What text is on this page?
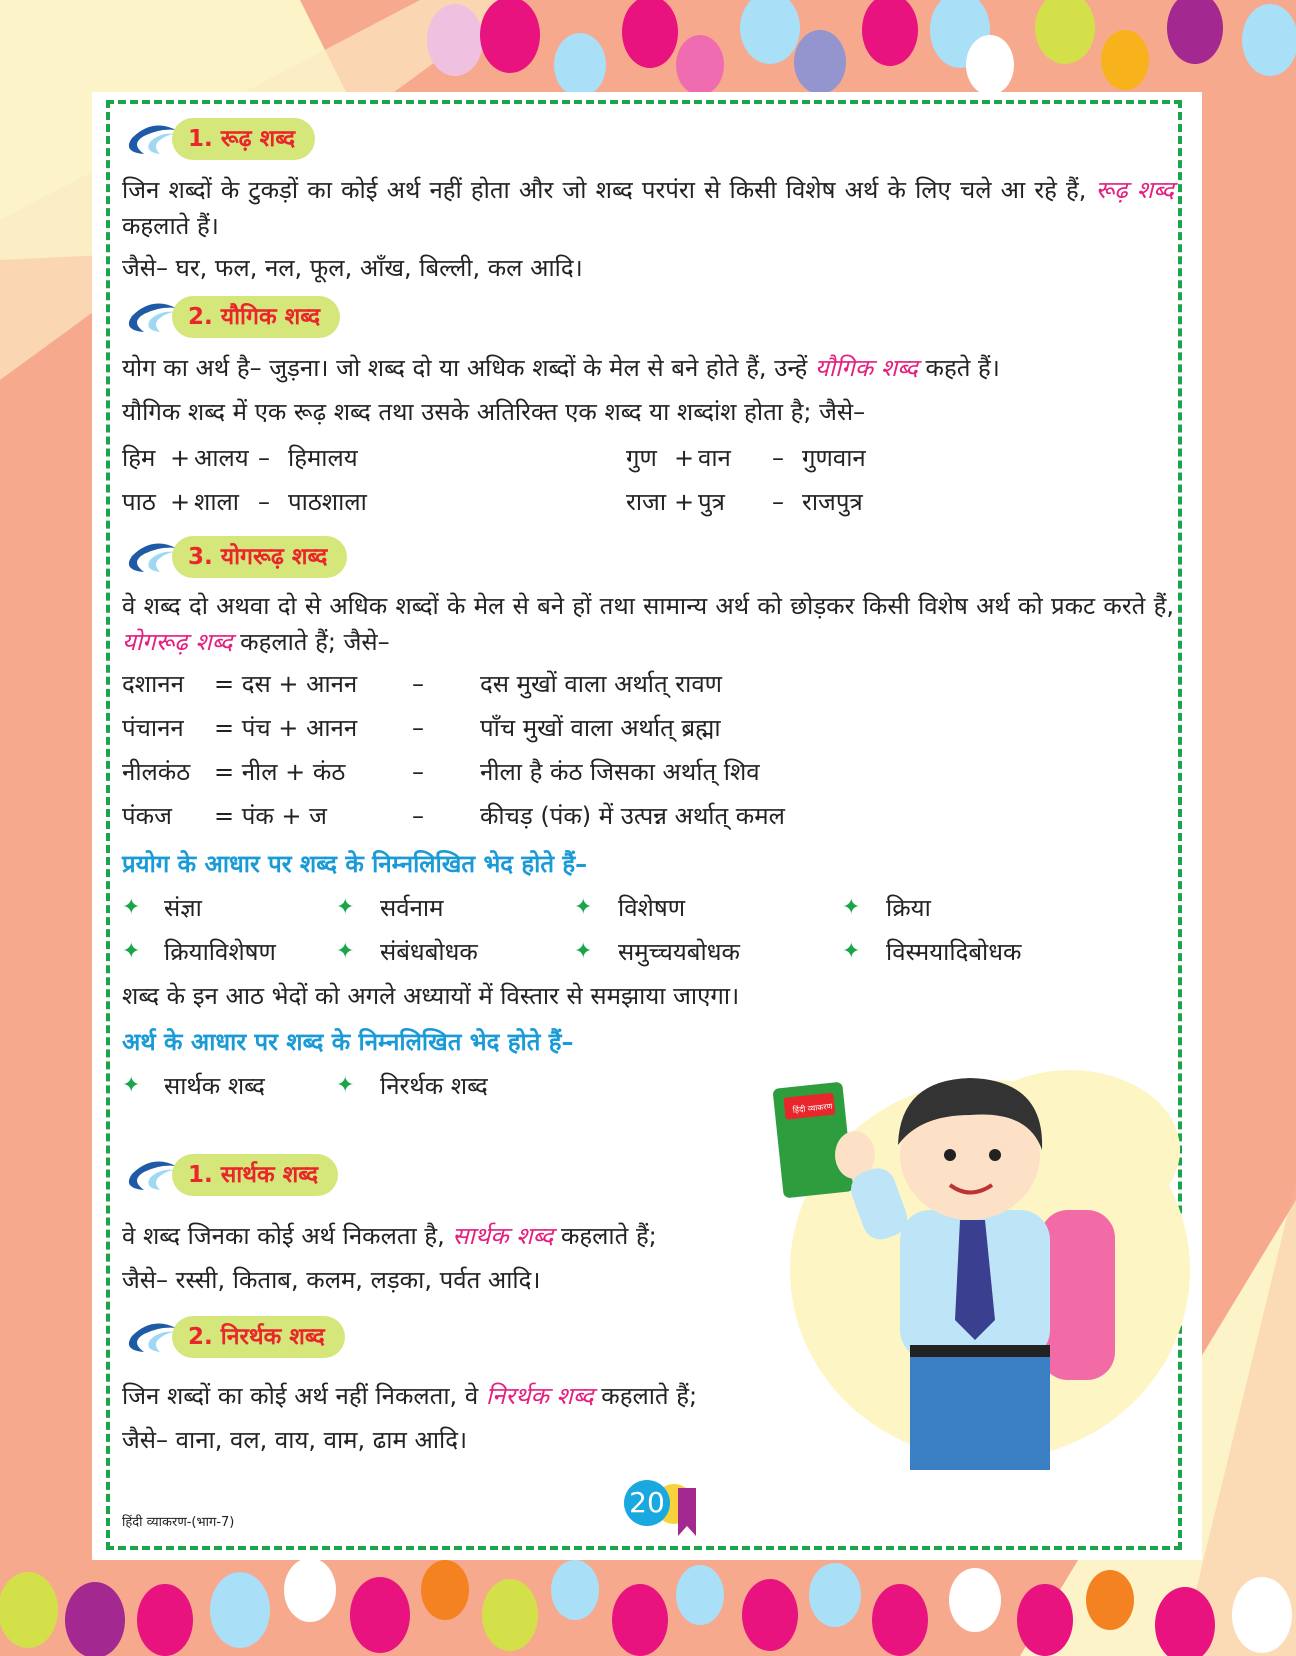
हिंदी व्याकरण
1. रूढ़ शब्द
जिन शब्दों के टुकड़ों का कोई अर्थ नहीं होता और जो शब्द परपंरा से किसी विशेष अर्थ के लिए चले आ रहे हैं, रूढ़ शब्द कहलाते हैं।
जैसे– घर, फल, नल, फूल, आँख, बिल्ली, कल आदि।
2. यौगिक शब्द
योग का अर्थ है– जुड़ना। जो शब्द दो या अधिक शब्दों के मेल से बने होते हैं, उन्हें यौगिक शब्द कहते हैं।
यौगिक शब्द में एक रूढ़ शब्द तथा उसके अतिरिक्त एक शब्द या शब्दांश होता है; जैसे–
हिम + आलय – हिमालय	गुण + वान – गुणवान
पाठ + शाला – पाठशाला	राजा + पुत्र – राजपुत्र
3. योगरूढ़ शब्द
वे शब्द दो अथवा दो से अधिक शब्दों के मेल से बने हों तथा सामान्य अर्थ को छोड़कर किसी विशेष अर्थ को प्रकट करते हैं, योगरूढ़ शब्द कहलाते हैं; जैसे–
दशानन = दस + आनन – दस मुखों वाला अर्थात् रावण
पंचानन = पंच + आनन – पाँच मुखों वाला अर्थात् ब्रह्मा
नीलकंठ = नील + कंठ	– नीला है कंठ जिसका अर्थात् शिव
पंकज = पंक + ज	– कीचड़ (पंक) में उत्पन्न अर्थात् कमल
प्रयोग के आधार पर शब्द के निम्नलिखित भेद होते हैं–
✦ संज्ञा	✦ सर्वनाम	✦ विशेषण	✦ क्रिया
✦ क्रियाविशेषण	✦ संबंधबोधक	✦ समुच्चयबोधक	✦ विस्मयादिबोधक
शब्द के इन आठ भेदों को अगले अध्यायों में विस्तार से समझाया जाएगा।
अर्थ के आधार पर शब्द के निम्नलिखित भेद होते हैं–
✦ सार्थक शब्द	✦ निरर्थक शब्द
1. सार्थक शब्द
वे शब्द जिनका कोई अर्थ निकलता है, सार्थक शब्द कहलाते हैं;
जैसे– रस्सी, किताब, कलम, लड़का, पर्वत आदि।
2. निरर्थक शब्द
जिन शब्दों का कोई अर्थ नहीं निकलता, वे निरर्थक शब्द कहलाते हैं;
जैसे– वाना, वल, वाय, वाम, ढाम आदि।
20
हिंदी व्याकरण-(भाग-7)
